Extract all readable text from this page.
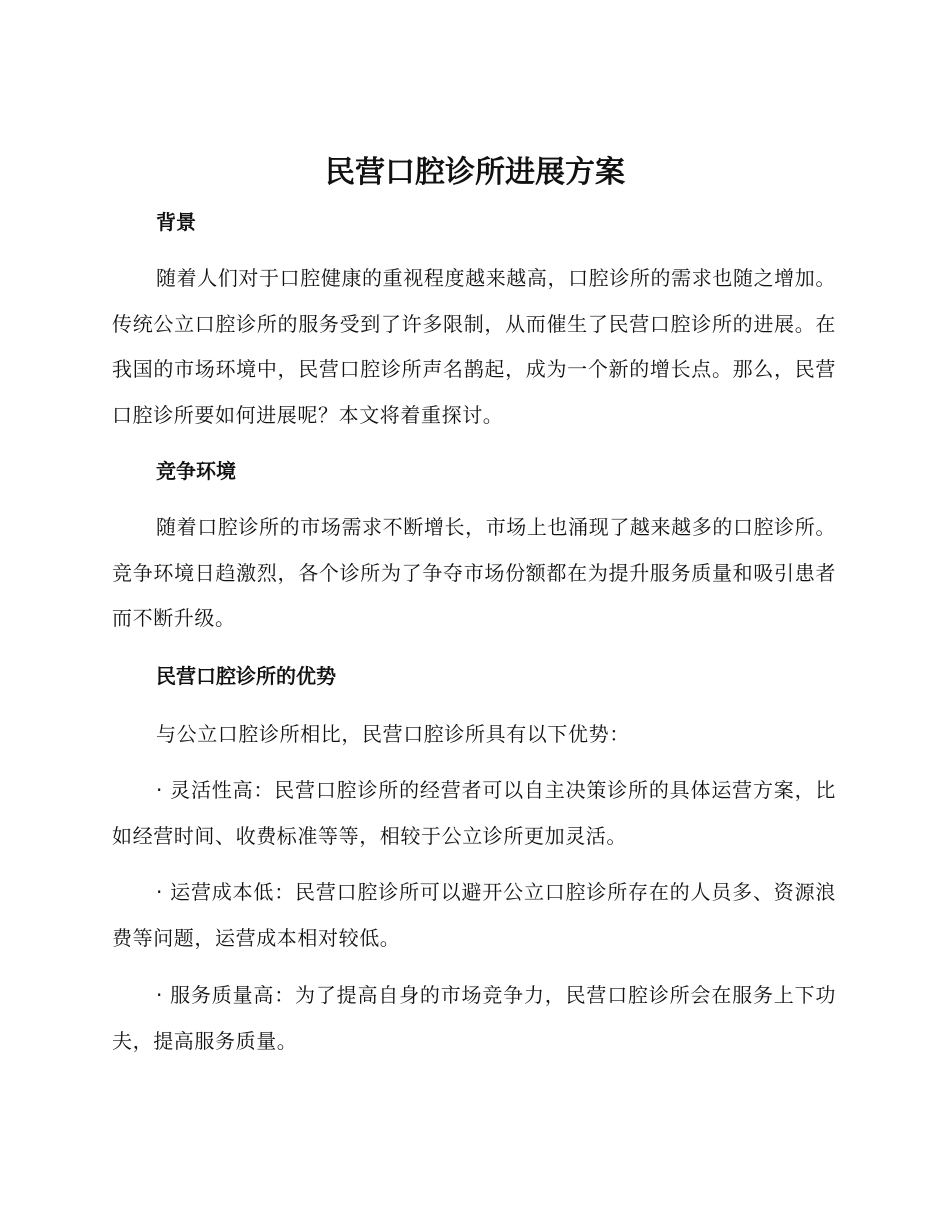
民营口腔诊所进展方案
背景
随着人们对于口腔健康的重视程度越来越高，口腔诊所的需求也随之增加。传统公立口腔诊所的服务受到了许多限制，从而催生了民营口腔诊所的进展。在我国的市场环境中，民营口腔诊所声名鹊起，成为一个新的增长点。那么，民营口腔诊所要如何进展呢？本文将着重探讨。
竞争环境
随着口腔诊所的市场需求不断增长，市场上也涌现了越来越多的口腔诊所。竞争环境日趋激烈，各个诊所为了争夺市场份额都在为提升服务质量和吸引患者而不断升级。
民营口腔诊所的优势
与公立口腔诊所相比，民营口腔诊所具有以下优势：
· 灵活性高：民营口腔诊所的经营者可以自主决策诊所的具体运营方案，比如经营时间、收费标准等等，相较于公立诊所更加灵活。
· 运营成本低：民营口腔诊所可以避开公立口腔诊所存在的人员多、资源浪费等问题，运营成本相对较低。
· 服务质量高：为了提高自身的市场竞争力，民营口腔诊所会在服务上下功夫，提高服务质量。
